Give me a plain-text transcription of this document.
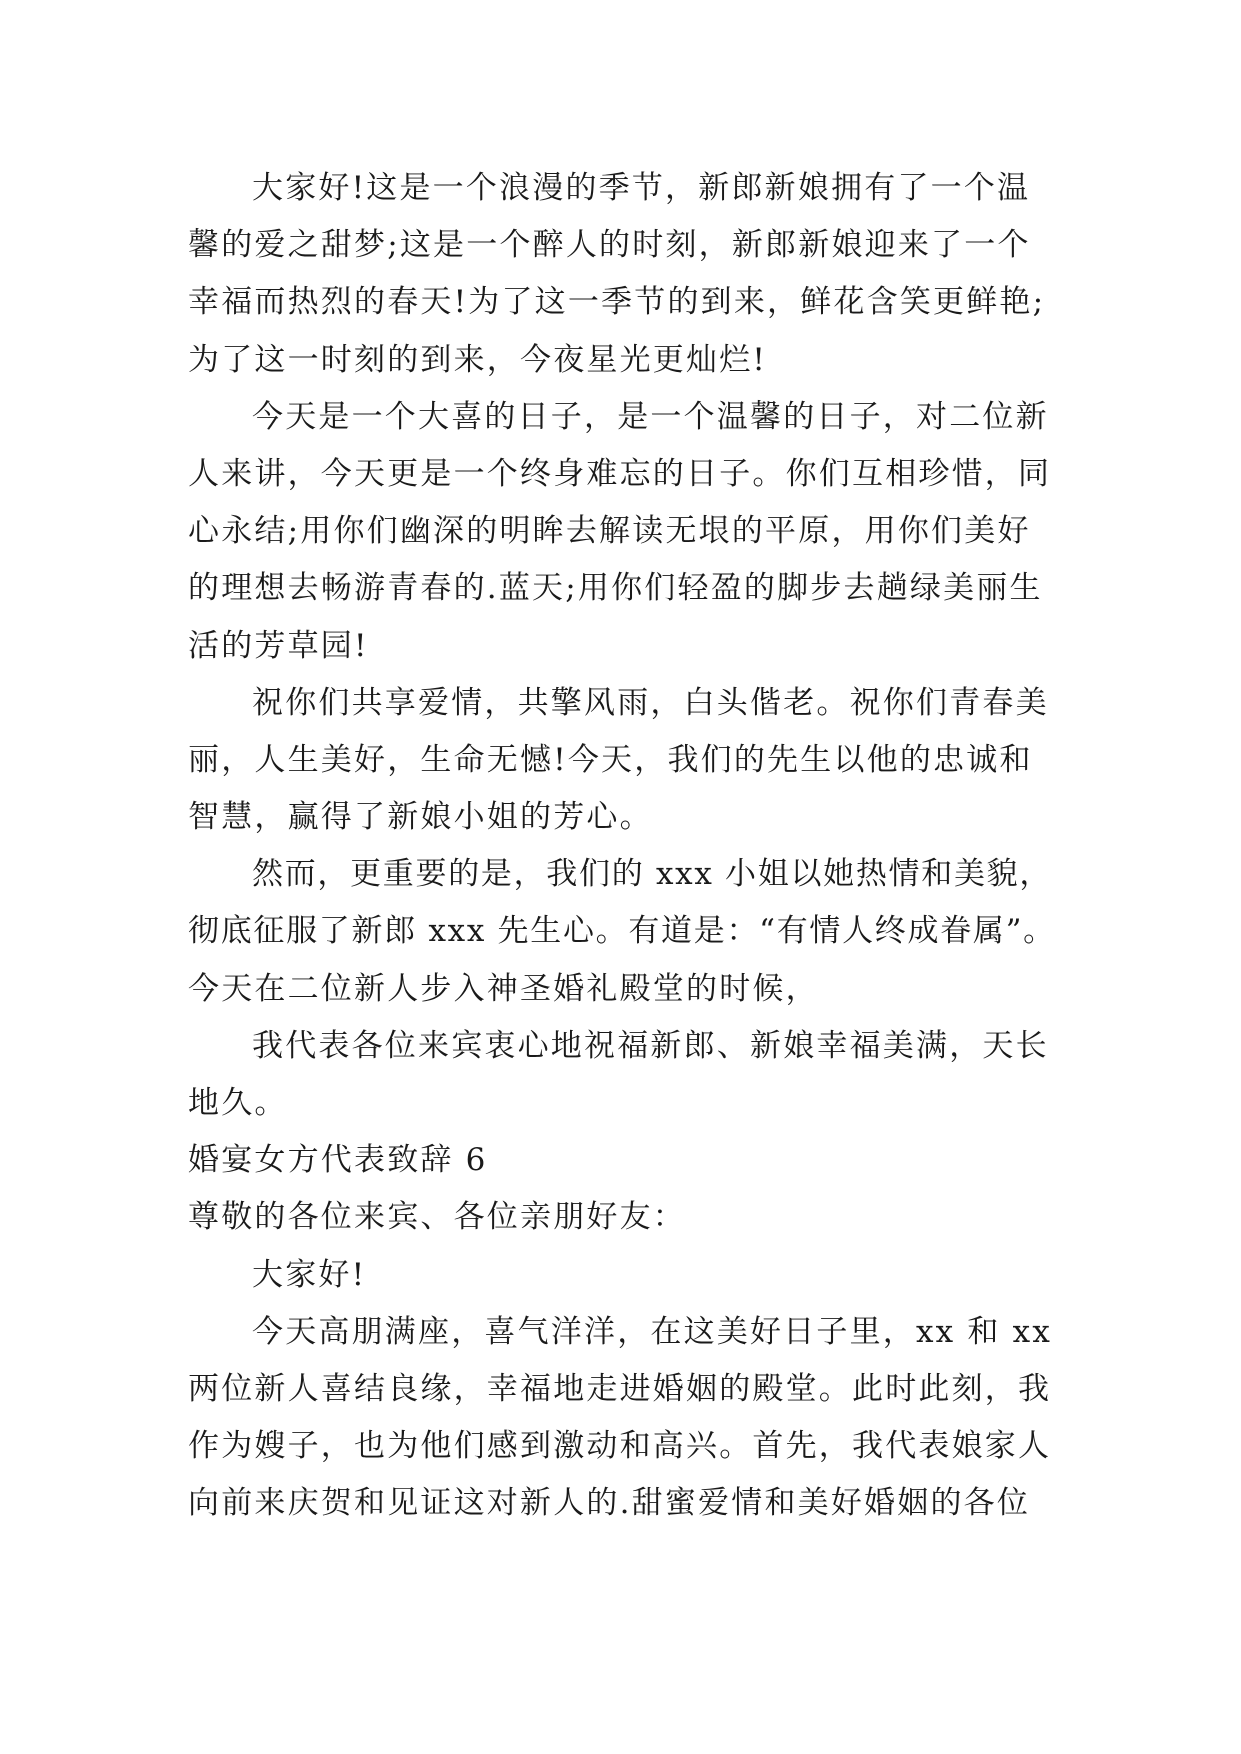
大家好!这是一个浪漫的季节，新郎新娘拥有了一个温
馨的爱之甜梦;这是一个醉人的时刻，新郎新娘迎来了一个
幸福而热烈的春天!为了这一季节的到来，鲜花含笑更鲜艳;
为了这一时刻的到来，今夜星光更灿烂!
今天是一个大喜的日子，是一个温馨的日子，对二位新
人来讲，今天更是一个终身难忘的日子。你们互相珍惜，同
心永结;用你们幽深的明眸去解读无垠的平原，用你们美好
的理想去畅游青春的.蓝天;用你们轻盈的脚步去趟绿美丽生
活的芳草园!
祝你们共享爱情，共擎风雨，白头偕老。祝你们青春美
丽，人生美好，生命无憾!今天，我们的先生以他的忠诚和
智慧，赢得了新娘小姐的芳心。
然而，更重要的是，我们的 xxx 小姐以她热情和美貌，
彻底征服了新郎 xxx 先生心。有道是：“有情人终成眷属”。
今天在二位新人步入神圣婚礼殿堂的时候，
我代表各位来宾衷心地祝福新郎、新娘幸福美满，天长
地久。
婚宴女方代表致辞 6
尊敬的各位来宾、各位亲朋好友：
大家好!
今天高朋满座，喜气洋洋，在这美好日子里，xx 和 xx
两位新人喜结良缘，幸福地走进婚姻的殿堂。此时此刻，我
作为嫂子，也为他们感到激动和高兴。首先，我代表娘家人
向前来庆贺和见证这对新人的.甜蜜爱情和美好婚姻的各位
